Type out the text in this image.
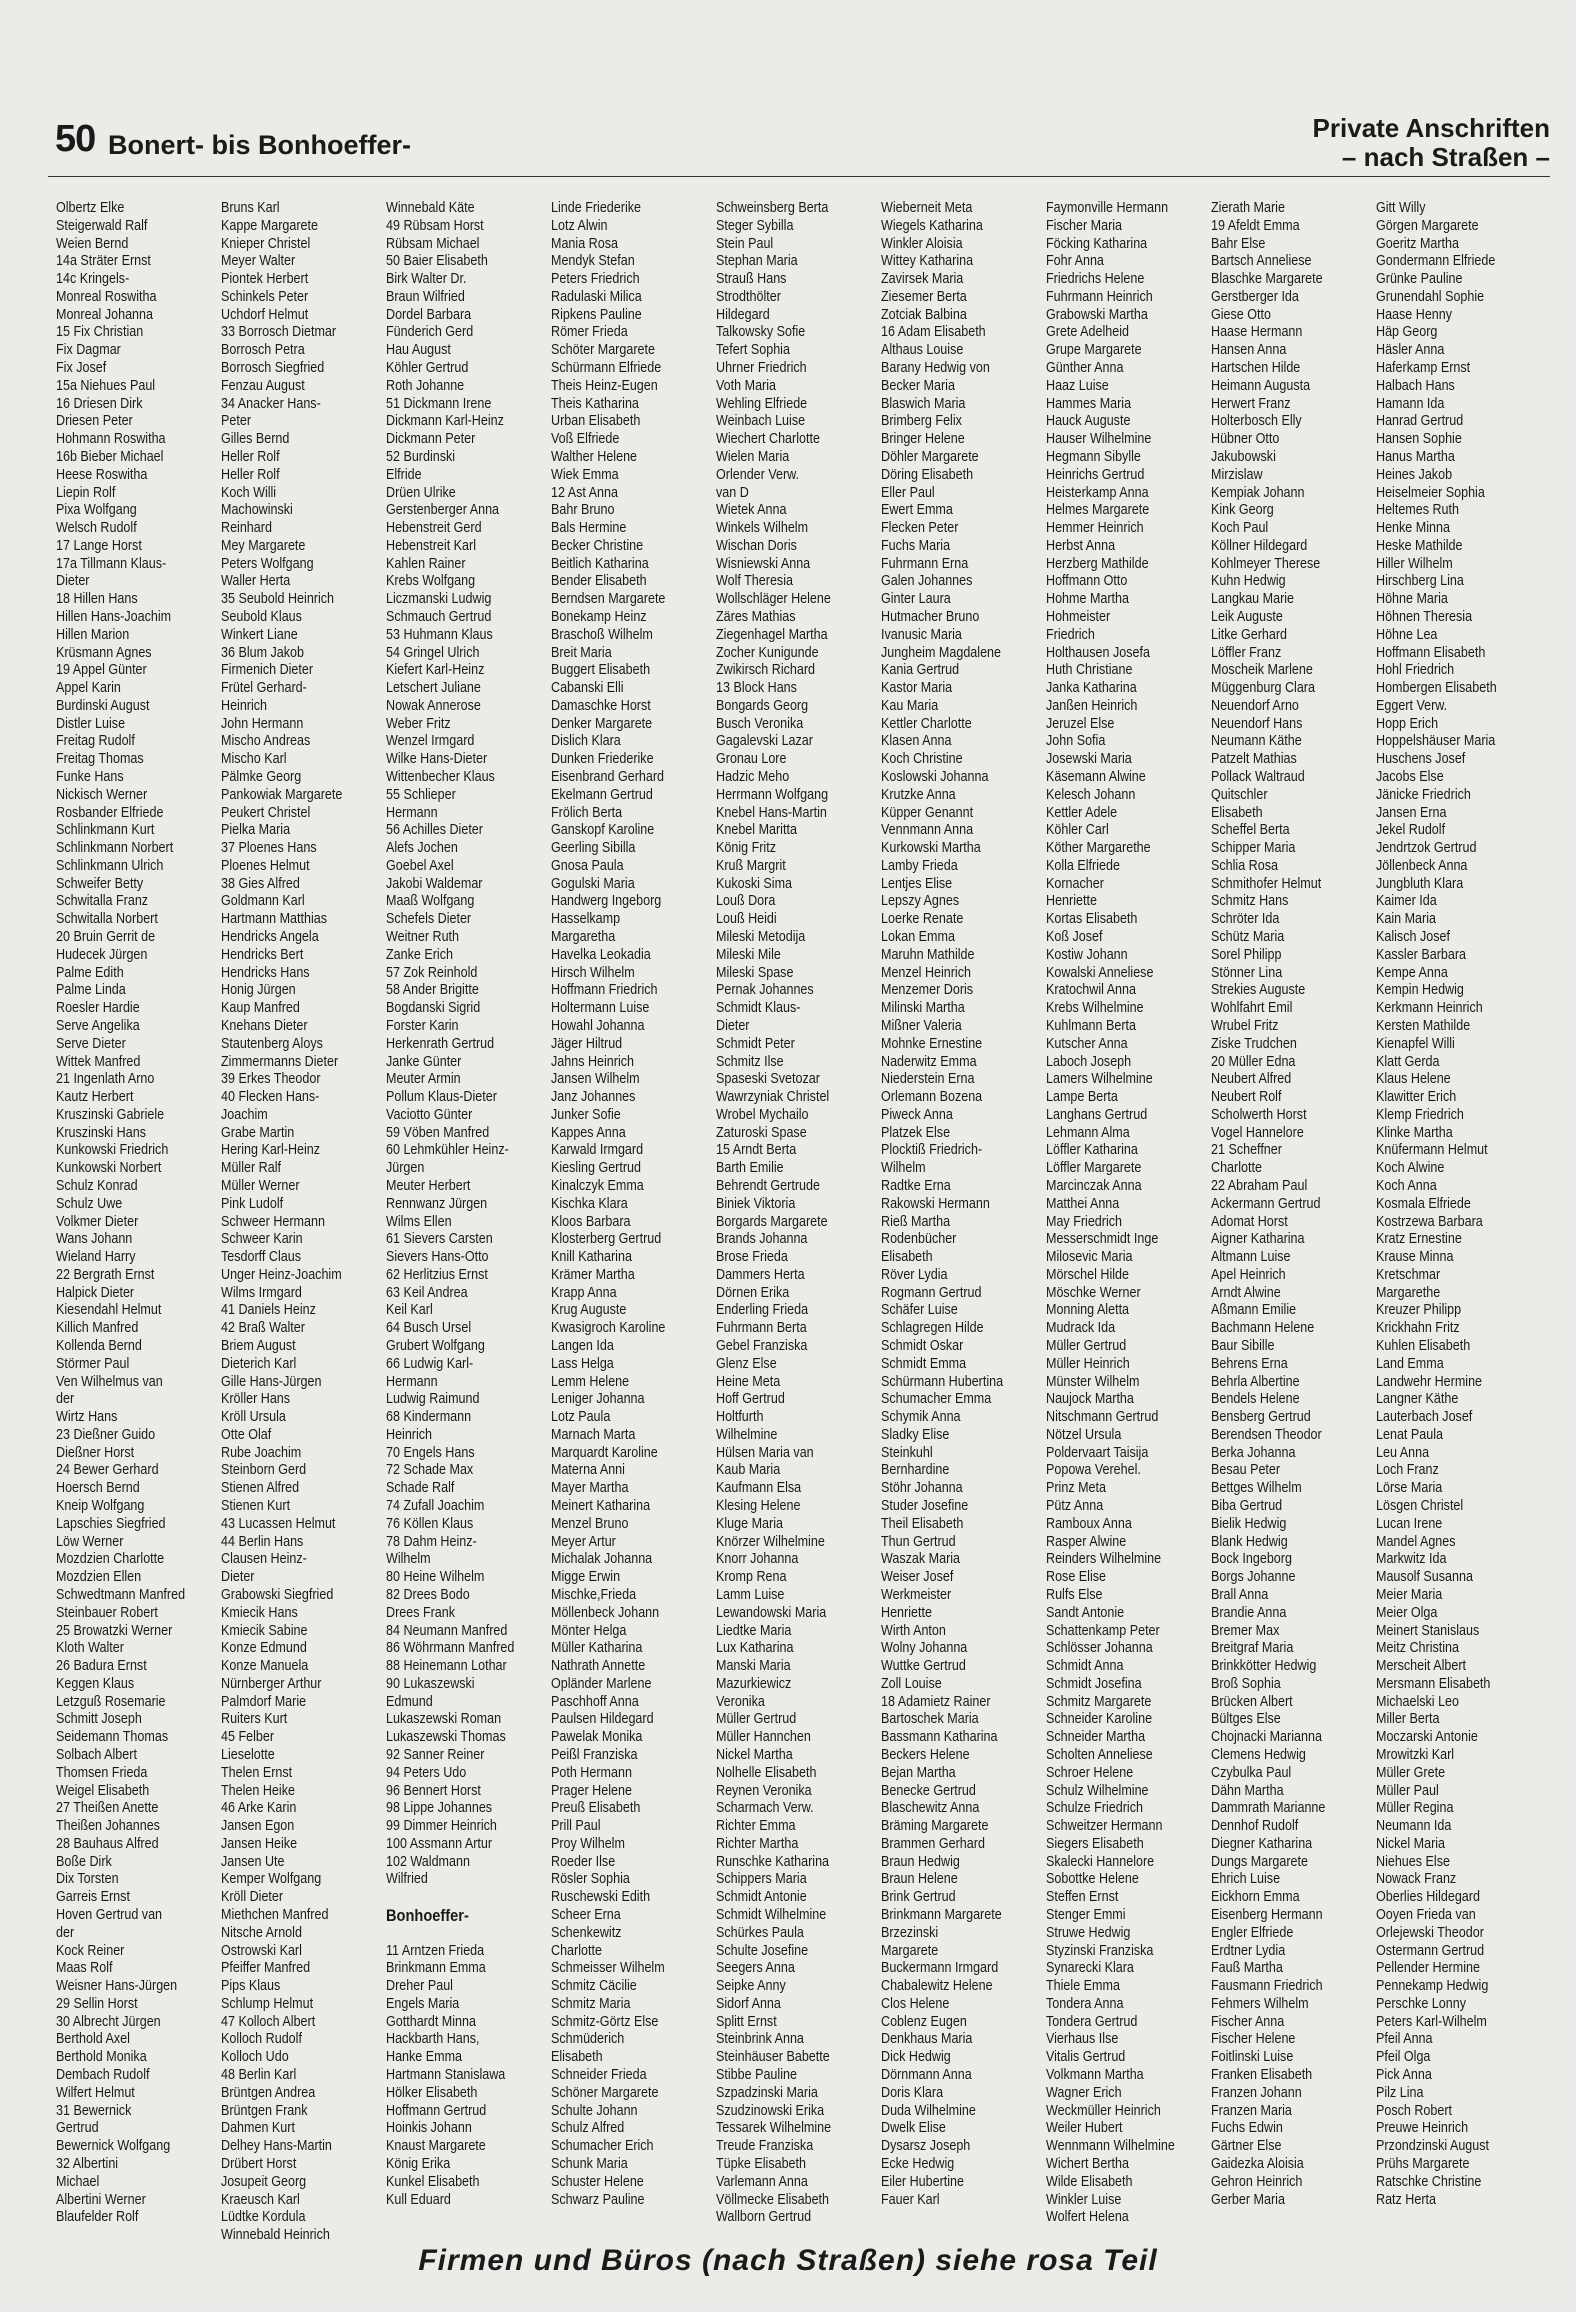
50 Bonert- bis Bonhoeffer-
Private Anschriften
– nach Straßen –
Olbertz Elke
Steigerwald Ralf
Weien Bernd
14a Sträter Ernst
14c Kringels-
Monreal Roswitha
Monreal Johanna
15 Fix Christian
Fix Dagmar
Fix Josef
15a Niehues Paul
16 Driesen Dirk
Driesen Peter
Hohmann Roswitha
16b Bieber Michael
Heese Roswitha
Liepin Rolf
Pixa Wolfgang
Welsch Rudolf
17 Lange Horst
17a Tillmann Klaus-
Dieter
18 Hillen Hans
Hillen Hans-Joachim
Hillen Marion
Krüsmann Agnes
19 Appel Günter
Appel Karin
Burdinski August
Distler Luise
Freitag Rudolf
Freitag Thomas
Funke Hans
Nickisch Werner
Rosbander Elfriede
Schlinkmann Kurt
Schlinkmann Norbert
Schlinkmann Ulrich
Schweifer Betty
Schwitalla Franz
Schwitalla Norbert
20 Bruin Gerrit de
Hudecek Jürgen
Palme Edith
Palme Linda
Roesler Hardie
Serve Angelika
Serve Dieter
Wittek Manfred
21 Ingenlath Arno
Kautz Herbert
Kruszinski Gabriele
Kruszinski Hans
Kunkowski Friedrich
Kunkowski Norbert
Schulz Konrad
Schulz Uwe
Volkmer Dieter
Wans Johann
Wieland Harry
22 Bergrath Ernst
Halpick Dieter
Kiesendahl Helmut
Killich Manfred
Kollenda Bernd
Störmer Paul
Ven Wilhelmus van
der
Wirtz Hans
23 Dießner Guido
Dießner Horst
24 Bewer Gerhard
Hoersch Bernd
Kneip Wolfgang
Lapschies Siegfried
Löw Werner
Mozdzien Charlotte
Mozdzien Ellen
Schwedtmann Manfred
Steinbauer Robert
25 Browatzki Werner
Kloth Walter
26 Badura Ernst
Keggen Klaus
Letzguß Rosemarie
Schmitt Joseph
Seidemann Thomas
Solbach Albert
Thomsen Frieda
Weigel Elisabeth
27 Theißen Anette
Theißen Johannes
28 Bauhaus Alfred
Boße Dirk
Dix Torsten
Garreis Ernst
Hoven Gertrud van
der
Kock Reiner
Maas Rolf
Weisner Hans-Jürgen
29 Sellin Horst
30 Albrecht Jürgen
Berthold Axel
Berthold Monika
Dembach Rudolf
Wilfert Helmut
31 Bewernick
Gertrud
Bewernick Wolfgang
32 Albertini
Michael
Albertini Werner
Blaufelder Rolf
Bruns Karl
Kappe Margarete
Knieper Christel
Meyer Walter
Piontek Herbert
Schinkels Peter
Uchdorf Helmut
33 Borrosch Dietmar
Borrosch Petra
Borrosch Siegfried
Fenzau August
34 Anacker Hans-
Peter
Gilles Bernd
Heller Rolf
Heller Rolf
Koch Willi
Machowinski
Reinhard
Mey Margarete
Peters Wolfgang
Waller Herta
35 Seubold Heinrich
Seubold Klaus
Winkert Liane
36 Blum Jakob
Firmenich Dieter
Frütel Gerhard-
Heinrich
John Hermann
Mischo Andreas
Mischo Karl
Pälmke Georg
Pankowiak Margarete
Peukert Christel
Pielka Maria
37 Ploenes Hans
Ploenes Helmut
38 Gies Alfred
Goldmann Karl
Hartmann Matthias
Hendricks Angela
Hendricks Bert
Hendricks Hans
Honig Jürgen
Kaup Manfred
Knehans Dieter
Stautenberg Aloys
Zimmermanns Dieter
39 Erkes Theodor
40 Flecken Hans-
Joachim
Grabe Martin
Hering Karl-Heinz
Müller Ralf
Müller Werner
Pink Ludolf
Schweer Hermann
Schweer Karin
Tesdorff Claus
Unger Heinz-Joachim
Wilms Irmgard
41 Daniels Heinz
42 Braß Walter
Briem August
Dieterich Karl
Gille Hans-Jürgen
Kröller Hans
Kröll Ursula
Otte Olaf
Rube Joachim
Steinborn Gerd
Stienen Alfred
Stienen Kurt
43 Lucassen Helmut
44 Berlin Hans
Clausen Heinz-
Dieter
Grabowski Siegfried
Kmiecik Hans
Kmiecik Sabine
Konze Edmund
Konze Manuela
Nürnberger Arthur
Palmdorf Marie
Ruiters Kurt
45 Felber
Lieselotte
Thelen Ernst
Thelen Heike
46 Arke Karin
Jansen Egon
Jansen Heike
Jansen Ute
Kemper Wolfgang
Kröll Dieter
Miethchen Manfred
Nitsche Arnold
Ostrowski Karl
Pfeiffer Manfred
Pips Klaus
Schlump Helmut
47 Kolloch Albert
Kolloch Rudolf
Kolloch Udo
48 Berlin Karl
Brüntgen Andrea
Brüntgen Frank
Dahmen Kurt
Delhey Hans-Martin
Drübert Horst
Josupeit Georg
Kraeusch Karl
Lüdtke Kordula
Winnebald Heinrich
Winnebald Käte
49 Rübsam Horst
Rübsam Michael
50 Baier Elisabeth
Birk Walter Dr.
Braun Wilfried
Dordel Barbara
Fünderich Gerd
Hau August
Köhler Gertrud
Roth Johanne
51 Dickmann Irene
Dickmann Karl-Heinz
Dickmann Peter
52 Burdinski
Elfride
Drüen Ulrike
Gerstenberger Anna
Hebenstreit Gerd
Hebenstreit Karl
Kahlen Rainer
Krebs Wolfgang
Liczmanski Ludwig
Schmauch Gertrud
53 Huhmann Klaus
54 Gringel Ulrich
Kiefert Karl-Heinz
Letschert Juliane
Nowak Annerose
Weber Fritz
Wenzel Irmgard
Wilke Hans-Dieter
Wittenbecher Klaus
55 Schlieper
Hermann
56 Achilles Dieter
Alefs Jochen
Goebel Axel
Jakobi Waldemar
Maaß Wolfgang
Schefels Dieter
Weitner Ruth
Zanke Erich
57 Zok Reinhold
58 Ander Brigitte
Bogdanski Sigrid
Forster Karin
Herkenrath Gertrud
Janke Günter
Meuter Armin
Pollum Klaus-Dieter
Vaciotto Günter
59 Vöben Manfred
60 Lehmkühler Heinz-
Jürgen
Meuter Herbert
Rennwanz Jürgen
Wilms Ellen
61 Sievers Carsten
Sievers Hans-Otto
62 Herlitzius Ernst
63 Keil Andrea
Keil Karl
64 Busch Ursel
Grubert Wolfgang
66 Ludwig Karl-
Hermann
Ludwig Raimund
68 Kindermann
Heinrich
70 Engels Hans
72 Schade Max
Schade Ralf
74 Zufall Joachim
76 Köllen Klaus
78 Dahm Heinz-
Wilhelm
80 Heine Wilhelm
82 Drees Bodo
Drees Frank
84 Neumann Manfred
86 Wöhrmann Manfred
88 Heinemann Lothar
90 Lukaszewski
Edmund
Lukaszewski Roman
Lukaszewski Thomas
92 Sanner Reiner
94 Peters Udo
96 Bennert Horst
98 Lippe Johannes
99 Dimmer Heinrich
100 Assmann Artur
102 Waldmann
Wilfried

Bonhoeffer-

11 Arntzen Frieda
Brinkmann Emma
Dreher Paul
Engels Maria
Gotthardt Minna
Hackbarth Hans,
Hanke Emma
Hartmann Stanislawa
Hölker Elisabeth
Hoffmann Gertrud
Hoinkis Johann
Knaust Margarete
König Erika
Kunkel Elisabeth
Kull Eduard
Linde Friederike
Lotz Alwin
Mania Rosa
Mendyk Stefan
Peters Friedrich
Radulaski Milica
Ripkens Pauline
Römer Frieda
Schöter Margarete
Schürmann Elfriede
Theis Heinz-Eugen
Theis Katharina
Urban Elisabeth
Voß Elfriede
Walther Helene
Wiek Emma
12 Ast Anna
Bahr Bruno
Bals Hermine
Becker Christine
Beitlich Katharina
Bender Elisabeth
Berndsen Margarete
Bonekamp Heinz
Braschoß Wilhelm
Breit Maria
Buggert Elisabeth
Cabanski Elli
Damaschke Horst
Denker Margarete
Dislich Klara
Dunken Friederike
Eisenbrand Gerhard
Ekelmann Gertrud
Frölich Berta
Ganskopf Karoline
Geerling Sibilla
Gnosa Paula
Gogulski Maria
Handwerg Ingeborg
Hasselkamp
Margaretha
Havelka Leokadia
Hirsch Wilhelm
Hoffmann Friedrich
Holtermann Luise
Howahl Johanna
Jäger Hiltrud
Jahns Heinrich
Jansen Wilhelm
Janz Johannes
Junker Sofie
Kappes Anna
Karwald Irmgard
Kiesling Gertrud
Kinalczyk Emma
Kischka Klara
Kloos Barbara
Klosterberg Gertrud
Knill Katharina
Krämer Martha
Krapp Anna
Krug Auguste
Kwasigroch Karoline
Langen Ida
Lass Helga
Lemm Helene
Leniger Johanna
Lotz Paula
Marnach Marta
Marquardt Karoline
Materna Anni
Mayer Martha
Meinert Katharina
Menzel Bruno
Meyer Artur
Michalak Johanna
Migge Erwin
Mischke,Frieda
Möllenbeck Johann
Mönter Helga
Müller Katharina
Nathrath Annette
Opländer Marlene
Paschhoff Anna
Paulsen Hildegard
Pawelak Monika
Peißl Franziska
Poth Hermann
Prager Helene
Preuß Elisabeth
Prill Paul
Proy Wilhelm
Roeder Ilse
Rösler Sophia
Ruschewski Edith
Scheer Erna
Schenkewitz
Charlotte
Schmeisser Wilhelm
Schmitz Cäcilie
Schmitz Maria
Schmitz-Görtz Else
Schmüderich
Elisabeth
Schneider Frieda
Schöner Margarete
Schulte Johann
Schulz Alfred
Schumacher Erich
Schunk Maria
Schuster Helene
Schwarz Pauline
Schweinsberg Berta
Steger Sybilla
Stein Paul
Stephan Maria
Strauß Hans
Strodthölter
Hildegard
Talkowsky Sofie
Tefert Sophia
Uhrner Friedrich
Voth Maria
Wehling Elfriede
Weinbach Luise
Wiechert Charlotte
Wielen Maria
Orlender Verw.
van D
Wietek Anna
Winkels Wilhelm
Wischan Doris
Wisniewski Anna
Wolf Theresia
Wollschläger Helene
Zäres Mathias
Ziegenhagel Martha
Zocher Kunigunde
Zwikirsch Richard
13 Block Hans
Bongards Georg
Busch Veronika
Gagalevski Lazar
Gronau Lore
Hadzic Meho
Herrmann Wolfgang
Knebel Hans-Martin
Knebel Maritta
König Fritz
Kruß Margrit
Kukoski Sima
Louß Dora
Louß Heidi
Mileski Metodija
Mileski Mile
Mileski Spase
Pernak Johannes
Schmidt Klaus-
Dieter
Schmidt Peter
Schmitz Ilse
Spaseski Svetozar
Wawrzyniak Christel
Wrobel Mychailo
Zaturoski Spase
15 Arndt Berta
Barth Emilie
Behrendt Gertrude
Biniek Viktoria
Borgards Margarete
Brands Johanna
Brose Frieda
Dammers Herta
Dörnen Erika
Enderling Frieda
Fuhrmann Berta
Gebel Franziska
Glenz Else
Heine Meta
Hoff Gertrud
Holtfurth
Wilhelmine
Hülsen Maria van
Kaub Maria
Kaufmann Elsa
Klesing Helene
Kluge Maria
Knörzer Wilhelmine
Knorr Johanna
Kromp Rena
Lamm Luise
Lewandowski Maria
Liedtke Maria
Lux Katharina
Manski Maria
Mazurkiewicz
Veronika
Müller Gertrud
Müller Hannchen
Nickel Martha
Nolhelle Elisabeth
Reynen Veronika
Scharmach Verw.
Richter Emma
Richter Martha
Runschke Katharina
Schippers Maria
Schmidt Antonie
Schmidt Wilhelmine
Schürkes Paula
Schulte Josefine
Seegers Anna
Seipke Anny
Sidorf Anna
Splitt Ernst
Steinbrink Anna
Steinhäuser Babette
Stibbe Pauline
Szpadzinski Maria
Szudzinowski Erika
Tessarek Wilhelmine
Treude Franziska
Tüpke Elisabeth
Varlemann Anna
Völlmecke Elisabeth
Wallborn Gertrud
Wieberneit Meta
Wiegels Katharina
Winkler Aloisia
Wittey Katharina
Zavirsek Maria
Ziesemer Berta
Zotciak Balbina
16 Adam Elisabeth
Althaus Louise
Barany Hedwig von
Becker Maria
Blaswich Maria
Brimberg Felix
Bringer Helene
Döhler Margarete
Döring Elisabeth
Eller Paul
Ewert Emma
Flecken Peter
Fuchs Maria
Fuhrmann Erna
Galen Johannes
Ginter Laura
Hutmacher Bruno
Ivanusic Maria
Jungheim Magdalene
Kania Gertrud
Kastor Maria
Kau Maria
Kettler Charlotte
Klasen Anna
Koch Christine
Koslowski Johanna
Krutzke Anna
Küpper Genannt
Vennmann Anna
Kurkowski Martha
Lamby Frieda
Lentjes Elise
Lepszy Agnes
Loerke Renate
Lokan Emma
Maruhn Mathilde
Menzel Heinrich
Menzemer Doris
Milinski Martha
Mißner Valeria
Mohnke Ernestine
Naderwitz Emma
Niederstein Erna
Orlemann Bozena
Piweck Anna
Platzek Else
Plocktiß Friedrich-
Wilhelm
Radtke Erna
Rakowski Hermann
Rieß Martha
Rodenbücher
Elisabeth
Röver Lydia
Rogmann Gertrud
Schäfer Luise
Schlagregen Hilde
Schmidt Oskar
Schmidt Emma
Schürmann Hubertina
Schumacher Emma
Schymik Anna
Sladky Elise
Steinkuhl
Bernhardine
Stöhr Johanna
Studer Josefine
Theil Elisabeth
Thun Gertrud
Waszak Maria
Weiser Josef
Werkmeister
Henriette
Wirth Anton
Wolny Johanna
Wuttke Gertrud
Zoll Louise
18 Adamietz Rainer
Bartoschek Maria
Bassmann Katharina
Beckers Helene
Bejan Martha
Benecke Gertrud
Blaschewitz Anna
Bräming Margarete
Brammen Gerhard
Braun Hedwig
Braun Helene
Brink Gertrud
Brinkmann Margarete
Brzezinski
Margarete
Buckermann Irmgard
Chabalewitz Helene
Clos Helene
Coblenz Eugen
Denkhaus Maria
Dick Hedwig
Dörnmann Anna
Doris Klara
Duda Wilhelmine
Dwelk Elise
Dysarsz Joseph
Ecke Hedwig
Eiler Hubertine
Fauer Karl
Faymonville Hermann
Fischer Maria
Föcking Katharina
Fohr Anna
Friedrichs Helene
Fuhrmann Heinrich
Grabowski Martha
Grete Adelheid
Grupe Margarete
Günther Anna
Haaz Luise
Hammes Maria
Hauck Auguste
Hauser Wilhelmine
Hegmann Sibylle
Heinrichs Gertrud
Heisterkamp Anna
Helmes Margarete
Hemmer Heinrich
Herbst Anna
Herzberg Mathilde
Hoffmann Otto
Hohme Martha
Hohmeister
Friedrich
Holthausen Josefa
Huth Christiane
Janka Katharina
Janßen Heinrich
Jeruzel Else
John Sofia
Josewski Maria
Käsemann Alwine
Kelesch Johann
Kettler Adele
Köhler Carl
Köther Margarethe
Kolla Elfriede
Kornacher
Henriette
Kortas Elisabeth
Koß Josef
Kostiw Johann
Kowalski Anneliese
Kratochwil Anna
Krebs Wilhelmine
Kuhlmann Berta
Kutscher Anna
Laboch Joseph
Lamers Wilhelmine
Lampe Berta
Langhans Gertrud
Lehmann Alma
Löffler Katharina
Löffler Margarete
Marcinczak Anna
Matthei Anna
May Friedrich
Messerschmidt Inge
Milosevic Maria
Mörschel Hilde
Möschke Werner
Monning Aletta
Mudrack Ida
Müller Gertrud
Müller Heinrich
Münster Wilhelm
Naujock Martha
Nitschmann Gertrud
Nötzel Ursula
Poldervaart Taisija
Popowa Verehel.
Prinz Meta
Pütz Anna
Ramboux Anna
Rasper Alwine
Reinders Wilhelmine
Rose Elise
Rulfs Else
Sandt Antonie
Schattenkamp Peter
Schlösser Johanna
Schmidt Anna
Schmidt Josefina
Schmitz Margarete
Schneider Karoline
Schneider Martha
Scholten Anneliese
Schroer Helene
Schulz Wilhelmine
Schulze Friedrich
Schweitzer Hermann
Siegers Elisabeth
Skalecki Hannelore
Sobottke Helene
Steffen Ernst
Stenger Emmi
Struwe Hedwig
Styzinski Franziska
Synarecki Klara
Thiele Emma
Tondera Anna
Tondera Gertrud
Vierhaus Ilse
Vitalis Gertrud
Volkmann Martha
Wagner Erich
Weckmüller Heinrich
Weiler Hubert
Wennmann Wilhelmine
Wichert Bertha
Wilde Elisabeth
Winkler Luise
Wolfert Helena
Zierath Marie
19 Afeldt Emma
Bahr Else
Bartsch Anneliese
Blaschke Margarete
Gerstberger Ida
Giese Otto
Haase Hermann
Hansen Anna
Hartschen Hilde
Heimann Augusta
Herwert Franz
Holterbosch Elly
Hübner Otto
Jakubowski
Mirzislaw
Kempiak Johann
Kink Georg
Koch Paul
Köllner Hildegard
Kohlmeyer Therese
Kuhn Hedwig
Langkau Marie
Leik Auguste
Litke Gerhard
Löffler Franz
Moscheik Marlene
Müggenburg Clara
Neuendorf Arno
Neuendorf Hans
Neumann Käthe
Patzelt Mathias
Pollack Waltraud
Quitschler
Elisabeth
Scheffel Berta
Schipper Maria
Schlia Rosa
Schmithofer Helmut
Schmitz Hans
Schröter Ida
Schütz Maria
Sorel Philipp
Stönner Lina
Strekies Auguste
Wohlfahrt Emil
Wrubel Fritz
Ziske Trudchen
20 Müller Edna
Neubert Alfred
Neubert Rolf
Scholwerth Horst
Vogel Hannelore
21 Scheffner
Charlotte
22 Abraham Paul
Ackermann Gertrud
Adomat Horst
Aigner Katharina
Altmann Luise
Apel Heinrich
Arndt Alwine
Aßmann Emilie
Bachmann Helene
Baur Sibille
Behrens Erna
Behrla Albertine
Bendels Helene
Bensberg Gertrud
Berendsen Theodor
Berka Johanna
Besau Peter
Bettges Wilhelm
Biba Gertrud
Bielik Hedwig
Blank Hedwig
Bock Ingeborg
Borgs Johanne
Brall Anna
Brandie Anna
Bremer Max
Breitgraf Maria
Brinkkötter Hedwig
Broß Sophia
Brücken Albert
Bültges Else
Chojnacki Marianna
Clemens Hedwig
Czybulka Paul
Dähn Martha
Dammrath Marianne
Dennhof Rudolf
Diegner Katharina
Dungs Margarete
Ehrich Luise
Eickhorn Emma
Eisenberg Hermann
Engler Elfriede
Erdtner Lydia
Fauß Martha
Fausmann Friedrich
Fehmers Wilhelm
Fischer Anna
Fischer Helene
Foitlinski Luise
Franken Elisabeth
Franzen Johann
Franzen Maria
Fuchs Edwin
Gärtner Else
Gaidezka Aloisia
Gehron Heinrich
Gerber Maria
Gitt Willy
Görgen Margarete
Goeritz Martha
Gondermann Elfriede
Grünke Pauline
Grunendahl Sophie
Haase Henny
Häp Georg
Häsler Anna
Haferkamp Ernst
Halbach Hans
Hamann Ida
Hanrad Gertrud
Hansen Sophie
Hanus Martha
Heines Jakob
Heiselmeier Sophia
Heltemes Ruth
Henke Minna
Heske Mathilde
Hiller Wilhelm
Hirschberg Lina
Höhne Maria
Höhnen Theresia
Höhne Lea
Hoffmann Elisabeth
Hohl Friedrich
Hombergen Elisabeth
Eggert Verw.
Hopp Erich
Hoppelshäuser Maria
Huschens Josef
Jacobs Else
Jänicke Friedrich
Jansen Erna
Jekel Rudolf
Jendrtzok Gertrud
Jöllenbeck Anna
Jungbluth Klara
Kaimer Ida
Kain Maria
Kalisch Josef
Kassler Barbara
Kempe Anna
Kempin Hedwig
Kerkmann Heinrich
Kersten Mathilde
Kienapfel Willi
Klatt Gerda
Klaus Helene
Klawitter Erich
Klemp Friedrich
Klinke Martha
Knüfermann Helmut
Koch Alwine
Koch Anna
Kosmala Elfriede
Kostrzewa Barbara
Kratz Ernestine
Krause Minna
Kretschmar
Margarethe
Kreuzer Philipp
Krickhahn Fritz
Kuhlen Elisabeth
Land Emma
Landwehr Hermine
Langner Käthe
Lauterbach Josef
Lenat Paula
Leu Anna
Loch Franz
Lörse Maria
Lösgen Christel
Lucan Irene
Mandel Agnes
Markwitz Ida
Mausolf Susanna
Meier Maria
Meier Olga
Meinert Stanislaus
Meitz Christina
Merscheit Albert
Mersmann Elisabeth
Michaelski Leo
Miller Berta
Moczarski Antonie
Mrowitzki Karl
Müller Grete
Müller Paul
Müller Regina
Neumann Ida
Nickel Maria
Niehues Else
Nowack Franz
Oberlies Hildegard
Ooyen Frieda van
Orlejewski Theodor
Ostermann Gertrud
Pellender Hermine
Pennekamp Hedwig
Perschke Lonny
Peters Karl-Wilhelm
Pfeil Anna
Pfeil Olga
Pick Anna
Pilz Lina
Posch Robert
Preuwe Heinrich
Przondzinski August
Prühs Margarete
Ratschke Christine
Ratz Herta
Firmen und Büros (nach Straßen) siehe rosa Teil
